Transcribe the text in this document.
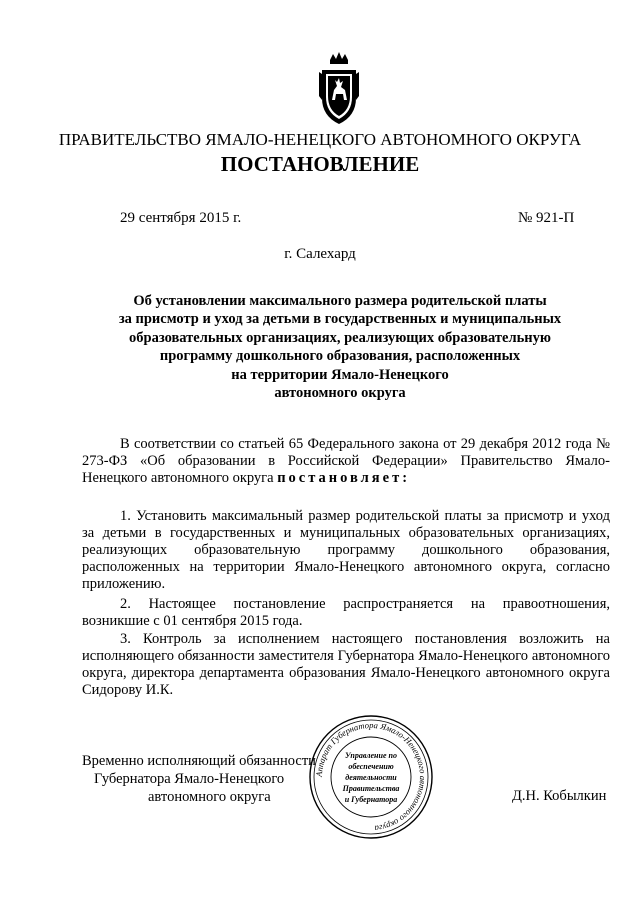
ПРАВИТЕЛЬСТВО ЯМАЛО-НЕНЕЦКОГО АВТОНОМНОГО ОКРУГА
ПОСТАНОВЛЕНИЕ
29 сентября 2015 г.	№ 921-П
г. Салехард
Об установлении максимального размера родительской платы
за присмотр и уход за детьми в государственных и муниципальных
образовательных организациях, реализующих образовательную
программу дошкольного образования, расположенных
на территории Ямало-Ненецкого
автономного округа
В соответствии со статьей 65 Федерального закона от 29 декабря 2012 года № 273-ФЗ «Об образовании в Российской Федерации» Правительство Ямало-Ненецкого автономного округа постановляет:
1. Установить максимальный размер родительской платы за присмотр и уход за детьми в государственных и муниципальных образовательных организациях, реализующих образовательную программу дошкольного образования, расположенных на территории Ямало-Ненецкого автономного округа, согласно приложению.
2. Настоящее постановление распространяется на правоотношения, возникшие с 01 сентября 2015 года.
3. Контроль за исполнением настоящего постановления возложить на исполняющего обязанности заместителя Губернатора Ямало-Ненецкого автономного округа, директора департамента образования Ямало-Ненецкого автономного округа Сидорову И.К.
Временно исполняющий обязанности
Губернатора Ямало-Ненецкого
автономного округа	Д.Н. Кобылкин
Аппарат Губернатора Ямало-Ненецкого автономного округа
Управление по
обеспечению
деятельности
Правительства
и Губернатора
